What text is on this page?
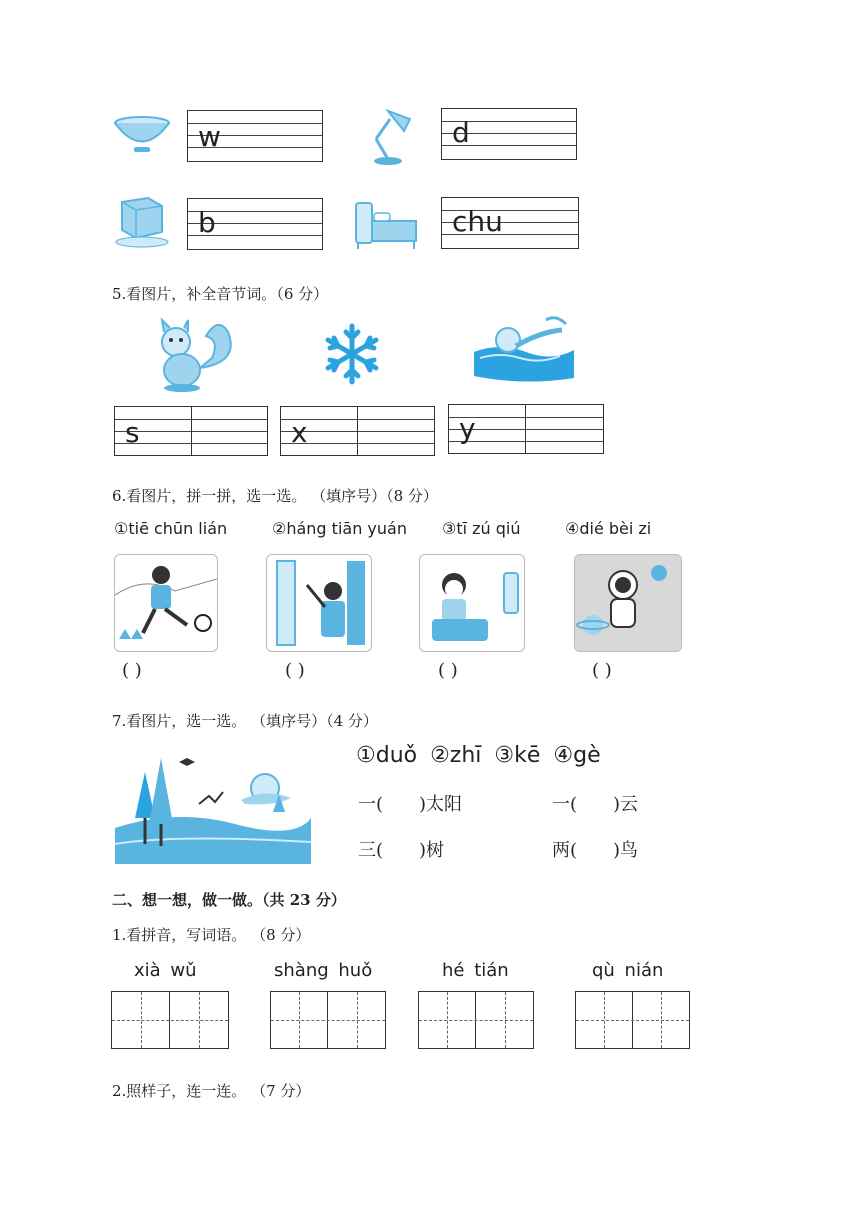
w	d
b	chu
5.看图片，补全音节词。（6 分）
s	x	y
6.看图片，拼一拼，选一选。 （填序号）（8 分）
①tiē chūn lián	②háng tiān yuán ③tī zú qiú	④dié bèi zi
( )	( )	( )	( )
7.看图片，选一选。 （填序号）（4 分）
①duǒ ②zhī ③kē ④gè
一(　　)太阳	一(　　)云
三(　　)树	两(　　)鸟
二、想一想，做一做。（共 23 分）
1.看拼音，写词语。 （8 分）
xià wǔ	shàng huǒ	hé tián	qù nián
2.照样子，连一连。 （7 分）
